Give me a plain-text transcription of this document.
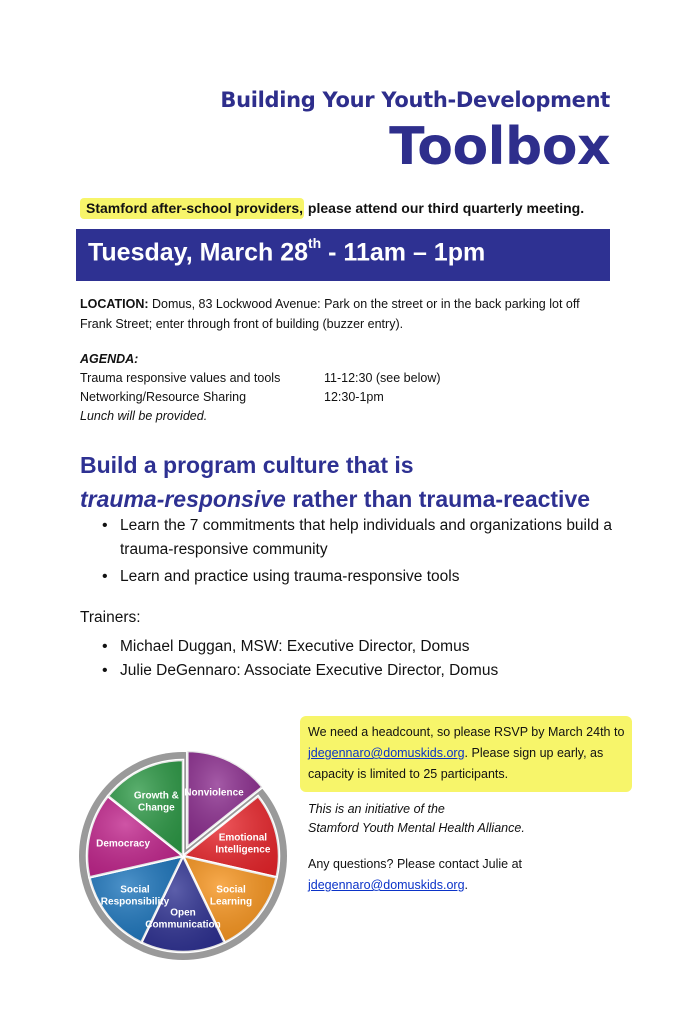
Building Your Youth-Development
Toolbox
Stamford after-school providers, please attend our third quarterly meeting.
Tuesday, March 28th - 11am – 1pm
LOCATION: Domus, 83 Lockwood Avenue: Park on the street or in the back parking lot off Frank Street; enter through front of building (buzzer entry).
AGENDA:
Trauma responsive values and tools	11-12:30 (see below)
Networking/Resource Sharing	12:30-1pm
Lunch will be provided.
Build a program culture that is
trauma-responsive rather than trauma-reactive
• Learn the 7 commitments that help individuals and organizations build a trauma-responsive community
• Learn and practice using trauma-responsive tools
Trainers:
• Michael Duggan, MSW: Executive Director, Domus
• Julie DeGennaro: Associate Executive Director, Domus
Nonviolence
Emotional Intelligence
Social Learning
Open Communication
Social Responsibility
Democracy
Growth & Change
We need a headcount, so please RSVP by March 24th to jdegennaro@domuskids.org. Please sign up early, as capacity is limited to 25 participants.
This is an initiative of the
Stamford Youth Mental Health Alliance.
Any questions? Please contact Julie at
jdegennaro@domuskids.org.
